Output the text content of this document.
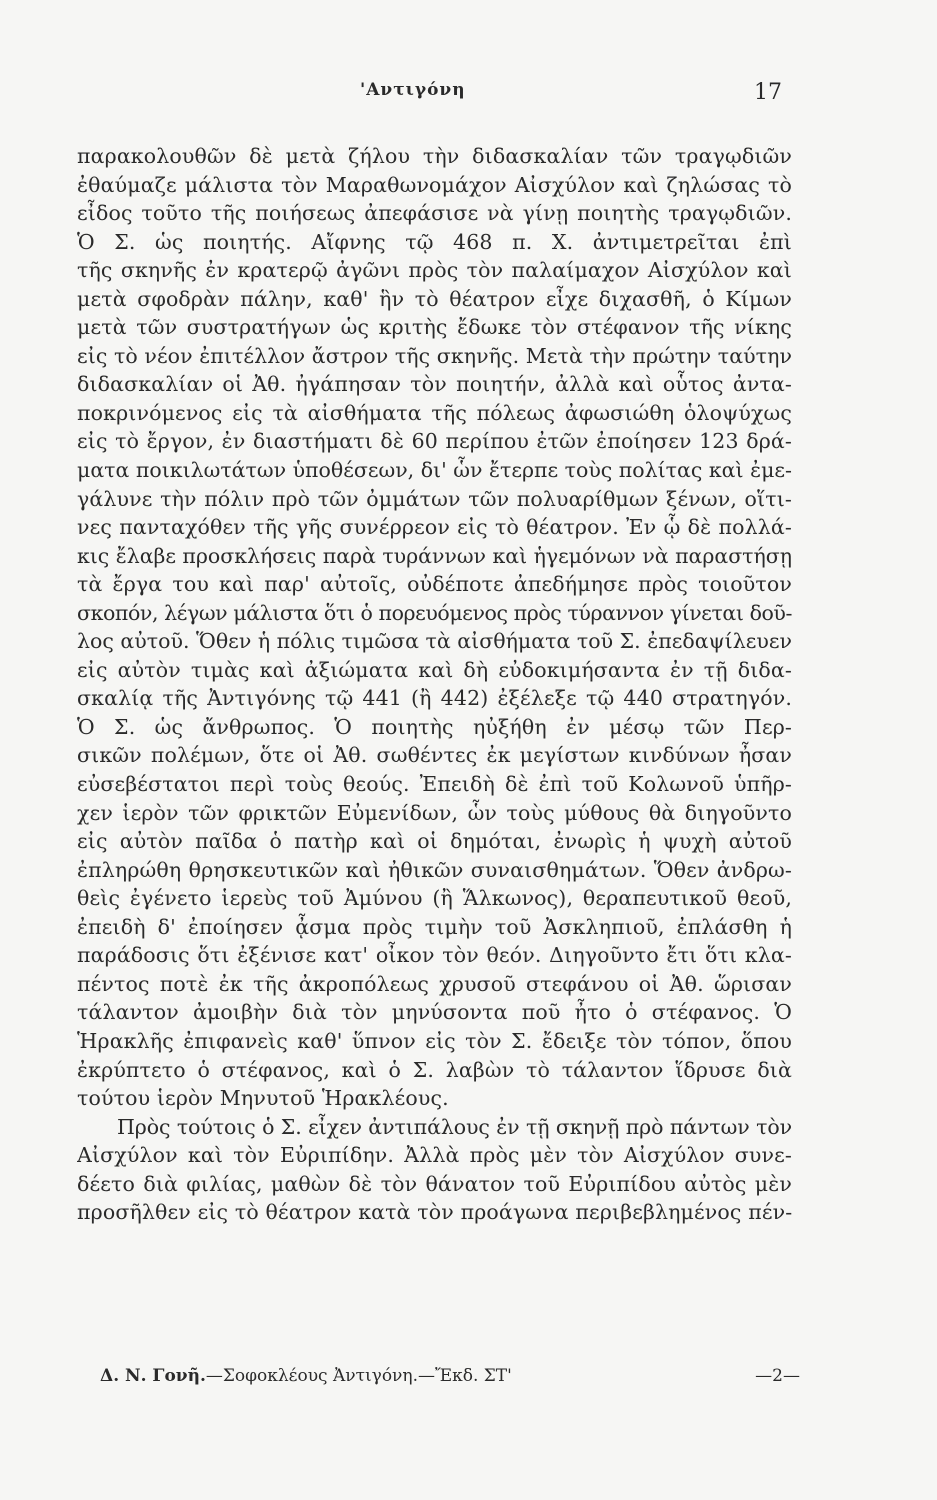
'Αντιγόνη	17
παρακολουθῶν δὲ μετὰ ζήλου τὴν διδασκαλίαν τῶν τραγῳδιῶν
ἐθαύμαζε μάλιστα τὸν Μαραθωνομάχον Αἰσχύλον καὶ ζηλώσας τὸ
εἶδος τοῦτο τῆς ποιήσεως ἀπεφάσισε νὰ γίνῃ ποιητὴς τραγῳδιῶν.
Ὁ Σ. ὡς ποιητής. Αἴφνης τῷ 468 π. Χ. ἀντιμετρεῖται ἐπὶ
τῆς σκηνῆς ἐν κρατερῷ ἀγῶνι πρὸς τὸν παλαίμαχον Αἰσχύλον καὶ
μετὰ σφοδρὰν πάλην, καθ' ἣν τὸ θέατρον εἶχε διχασθῆ, ὁ Κίμων
μετὰ τῶν συστρατήγων ὡς κριτὴς ἔδωκε τὸν στέφανον τῆς νίκης
εἰς τὸ νέον ἐπιτέλλον ἄστρον τῆς σκηνῆς. Μετὰ τὴν πρώτην ταύτην
διδασκαλίαν οἱ Ἀθ. ἠγάπησαν τὸν ποιητήν, ἀλλὰ καὶ οὗτος ἀντα-
ποκρινόμενος εἰς τὰ αἰσθήματα τῆς πόλεως ἀφωσιώθη ὁλοψύχως
εἰς τὸ ἔργον, ἐν διαστήματι δὲ 60 περίπου ἐτῶν ἐποίησεν 123 δρά-
ματα ποικιλωτάτων ὑποθέσεων, δι' ὧν ἔτερπε τοὺς πολίτας καὶ ἐμε-
γάλυνε τὴν πόλιν πρὸ τῶν ὀμμάτων τῶν πολυαρίθμων ξένων, οἵτι-
νες πανταχόθεν τῆς γῆς συνέρρεον εἰς τὸ θέατρον. Ἐν ᾧ δὲ πολλά-
κις ἔλαβε προσκλήσεις παρὰ τυράννων καὶ ἡγεμόνων νὰ παραστήσῃ
τὰ ἔργα του καὶ παρ' αὐτοῖς, οὐδέποτε ἀπεδήμησε πρὸς τοιοῦτον
σκοπόν, λέγων μάλιστα ὅτι ὁ πορευόμενος πρὸς τύραννον γίνεται δοῦ-
λος αὐτοῦ. Ὅθεν ἡ πόλις τιμῶσα τὰ αἰσθήματα τοῦ Σ. ἐπεδαψίλευεν
εἰς αὐτὸν τιμὰς καὶ ἀξιώματα καὶ δὴ εὐδοκιμήσαντα ἐν τῇ διδα-
σκαλίᾳ τῆς Ἀντιγόνης τῷ 441 (ἢ 442) ἐξέλεξε τῷ 440 στρατηγόν.
Ὁ Σ. ὡς ἄνθρωπος. Ὁ ποιητὴς ηὐξήθη ἐν μέσῳ τῶν Περ-
σικῶν πολέμων, ὅτε οἱ Ἀθ. σωθέντες ἐκ μεγίστων κινδύνων ἦσαν
εὐσεβέστατοι περὶ τοὺς θεούς. Ἐπειδὴ δὲ ἐπὶ τοῦ Κολωνοῦ ὑπῆρ-
χεν ἱερὸν τῶν φρικτῶν Εὐμενίδων, ὧν τοὺς μύθους θὰ διηγοῦντο
εἰς αὐτὸν παῖδα ὁ πατὴρ καὶ οἱ δημόται, ἐνωρὶς ἡ ψυχὴ αὐτοῦ
ἐπληρώθη θρησκευτικῶν καὶ ἠθικῶν συναισθημάτων. Ὅθεν ἀνδρω-
θεὶς ἐγένετο ἱερεὺς τοῦ Ἀμύνου (ἢ Ἅλκωνος), θεραπευτικοῦ θεοῦ,
ἐπειδὴ δ' ἐποίησεν ᾆσμα πρὸς τιμὴν τοῦ Ἀσκληπιοῦ, ἐπλάσθη ἡ
παράδοσις ὅτι ἐξένισε κατ' οἶκον τὸν θεόν. Διηγοῦντο ἔτι ὅτι κλα-
πέντος ποτὲ ἐκ τῆς ἀκροπόλεως χρυσοῦ στεφάνου οἱ Ἀθ. ὥρισαν
τάλαντον ἀμοιβὴν διὰ τὸν μηνύσοντα ποῦ ἦτο ὁ στέφανος. Ὁ
Ἡρακλῆς ἐπιφανεὶς καθ' ὕπνον εἰς τὸν Σ. ἔδειξε τὸν τόπον, ὅπου
ἐκρύπτετο ὁ στέφανος, καὶ ὁ Σ. λαβὼν τὸ τάλαντον ἵδρυσε διὰ
τούτου ἱερὸν Μηνυτοῦ Ἡρακλέους.
Πρὸς τούτοις ὁ Σ. εἶχεν ἀντιπάλους ἐν τῇ σκηνῇ πρὸ πάντων τὸν
Αἰσχύλον καὶ τὸν Εὐριπίδην. Ἀλλὰ πρὸς μὲν τὸν Αἰσχύλον συνε-
δέετο διὰ φιλίας, μαθὼν δὲ τὸν θάνατον τοῦ Εὐριπίδου αὐτὸς μὲν
προσῆλθεν εἰς τὸ θέατρον κατὰ τὸν προάγωνα περιβεβλημένος πέν-
Δ. Ν. Γονῆ.—Σοφοκλέους Ἀντιγόνη.—Ἔκδ. ΣΤ'	—2—
